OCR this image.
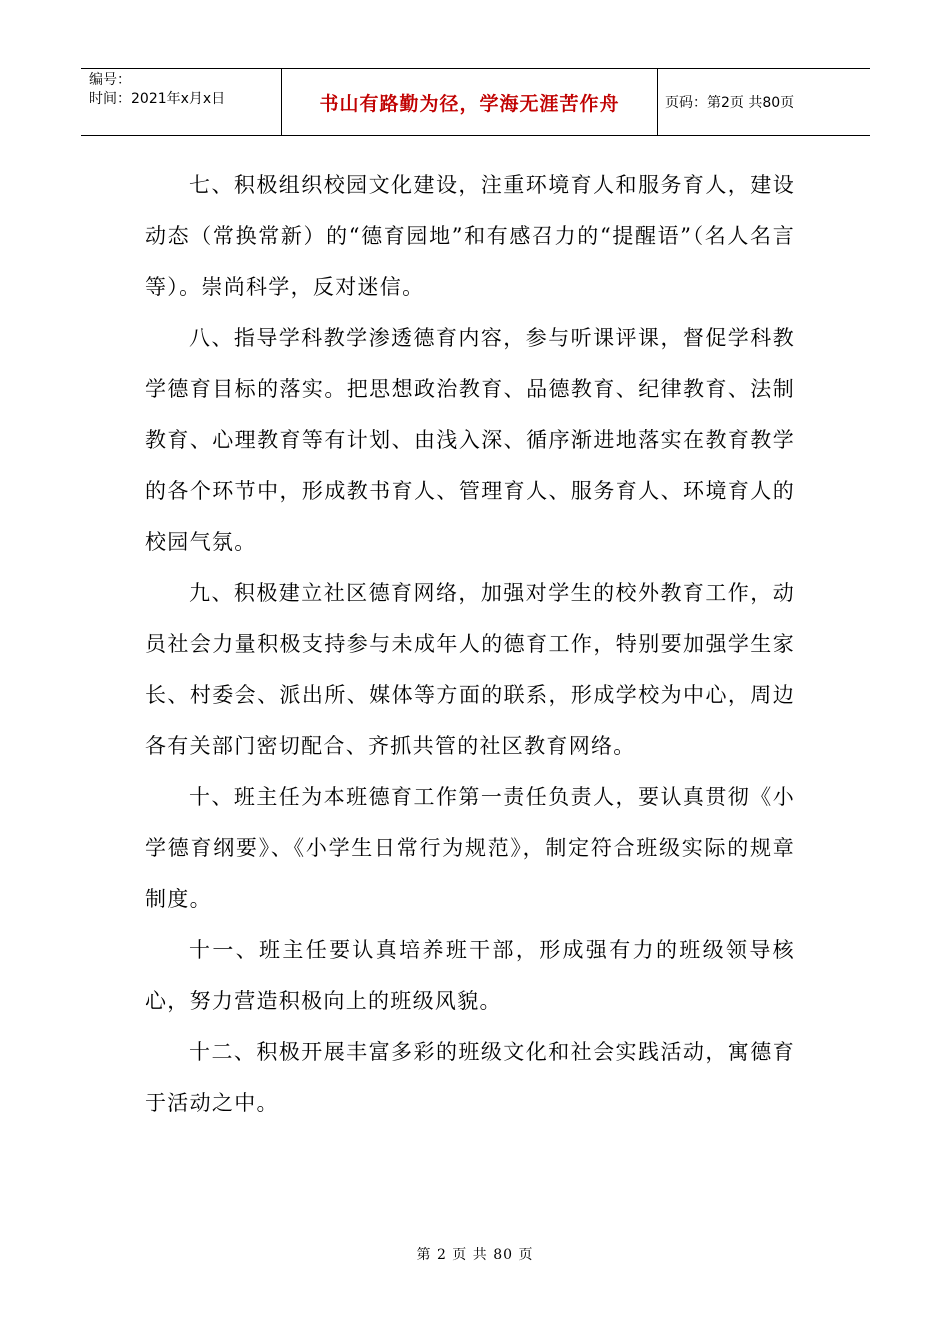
编号：
时间：2021年x月x日	书山有路勤为径，学海无涯苦作舟	页码：第2页 共80页

七、积极组织校园文化建设，注重环境育人和服务育人，建设动态（常换常新）的“德育园地”和有感召力的“提醒语”（名人名言等）。崇尚科学，反对迷信。

八、指导学科教学渗透德育内容，参与听课评课，督促学科教学德育目标的落实。把思想政治教育、品德教育、纪律教育、法制教育、心理教育等有计划、由浅入深、循序渐进地落实在教育教学的各个环节中，形成教书育人、管理育人、服务育人、环境育人的校园气氛。

九、积极建立社区德育网络，加强对学生的校外教育工作，动员社会力量积极支持参与未成年人的德育工作，特别要加强学生家长、村委会、派出所、媒体等方面的联系，形成学校为中心，周边各有关部门密切配合、齐抓共管的社区教育网络。

十、班主任为本班德育工作第一责任负责人，要认真贯彻《小学德育纲要》、《小学生日常行为规范》，制定符合班级实际的规章制度。

十一、班主任要认真培养班干部，形成强有力的班级领导核心，努力营造积极向上的班级风貌。

十二、积极开展丰富多彩的班级文化和社会实践活动，寓德育于活动之中。

第 2 页 共 80 页
